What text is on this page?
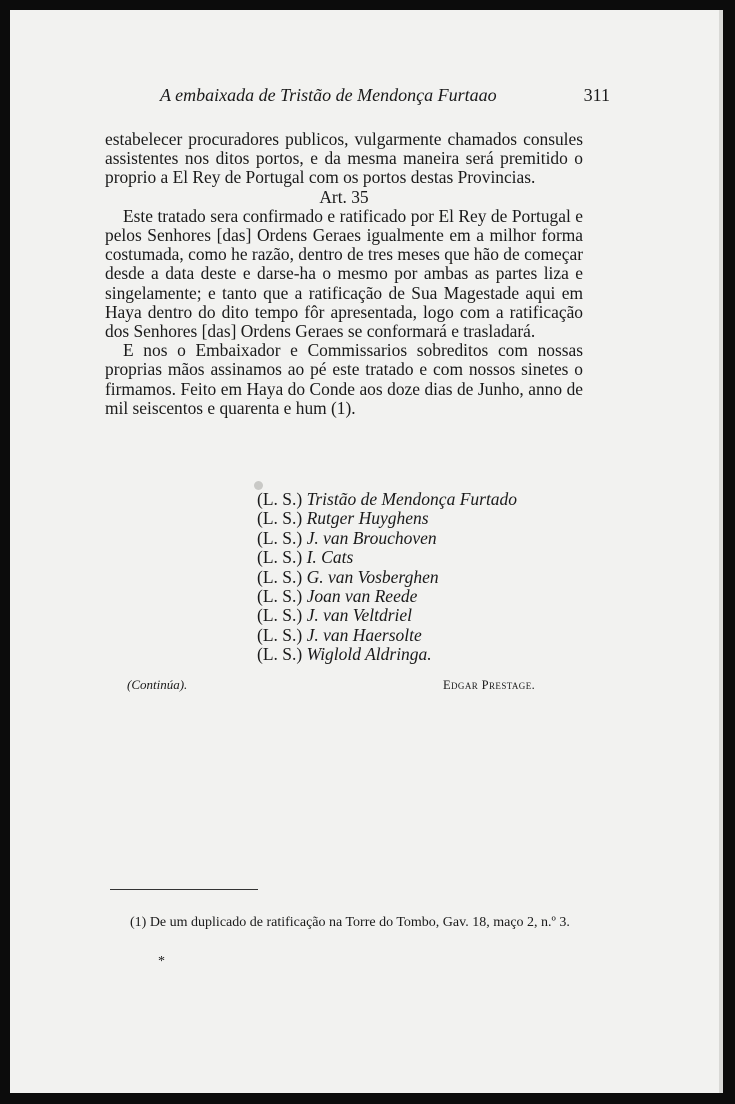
A embaixada de Tristão de Mendonça Furtaao	311

estabelecer procuradores publicos, vulgarmente chamados consules assistentes nos ditos portos, e da mesma maneira será premitido o proprio a El Rey de Portugal com os portos destas Provincias.

Art. 35

Este tratado sera confirmado e ratificado por El Rey de Portugal e pelos Senhores [das] Ordens Geraes igualmente em a milhor forma costumada, como he razão, dentro de tres meses que hão de começar desde a data deste e darse-ha o mesmo por ambas as partes liza e singelamente; e tanto que a ratificação de Sua Magestade aqui em Haya dentro do dito tempo fôr apresentada, logo com a ratificação dos Senhores [das] Ordens Geraes se conformará e trasladará.

E nos o Embaixador e Commissarios sobreditos com nossas proprias mãos assinamos ao pé este tratado e com nossos sinetes o firmamos. Feito em Haya do Conde aos doze dias de Junho, anno de mil seiscentos e quarenta e hum (1).

(L. S.) Tristão de Mendonça Furtado
(L. S.) Rutger Huyghens
(L. S.) J. van Brouchoven
(L. S.) I. Cats
(L. S.) G. van Vosberghen
(L. S.) Joan van Reede
(L. S.) J. van Veltdriel
(L. S.) J. van Haersolte
(L. S.) Wiglold Aldringa.
(Continúa).	Edgar Prestage.

(1) De um duplicado de ratificação na Torre do Tombo, Gav. 18, maço 2, n.º 3.

*
